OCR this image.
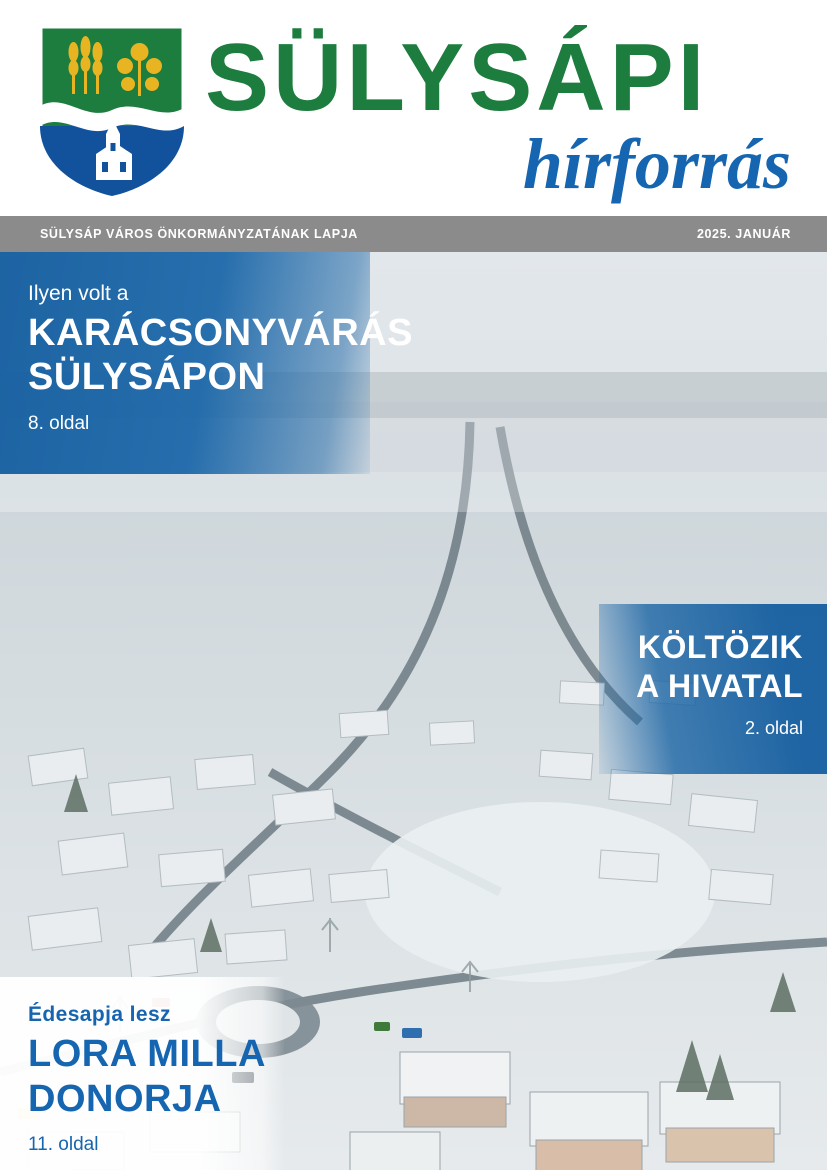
SÜLYSÁPI
hírforrás
SÜLYSÁP VÁROS ÖNKORMÁNYZATÁNAK LAPJA	2025. JANUÁR
Ilyen volt a
KARÁCSONYVÁRÁS
SÜLYSÁPON
8. oldal
KÖLTÖZIK
A HIVATAL
2. oldal
Édesapja lesz
LORA MILLA
DONORJA
11. oldal
